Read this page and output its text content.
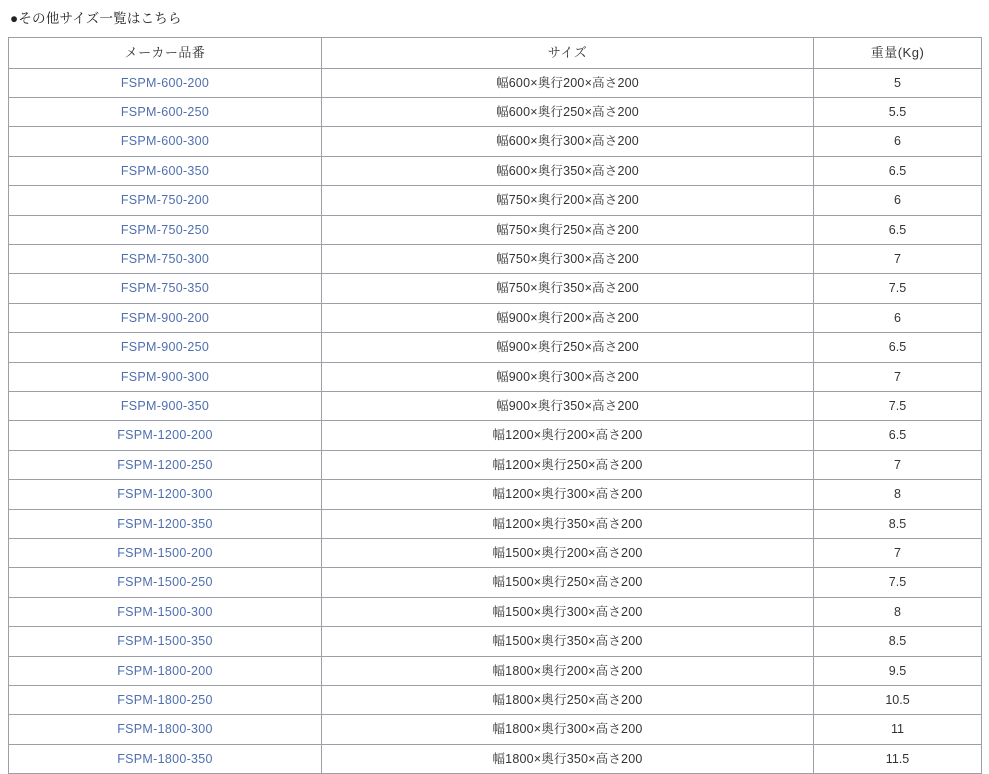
●その他サイズ一覧はこちら
メーカー品番	サイズ	重量(Kg)
FSPM-600-200	幅600×奥行200×高さ200	5
FSPM-600-250	幅600×奥行250×高さ200	5.5
FSPM-600-300	幅600×奥行300×高さ200	6
FSPM-600-350	幅600×奥行350×高さ200	6.5
FSPM-750-200	幅750×奥行200×高さ200	6
FSPM-750-250	幅750×奥行250×高さ200	6.5
FSPM-750-300	幅750×奥行300×高さ200	7
FSPM-750-350	幅750×奥行350×高さ200	7.5
FSPM-900-200	幅900×奥行200×高さ200	6
FSPM-900-250	幅900×奥行250×高さ200	6.5
FSPM-900-300	幅900×奥行300×高さ200	7
FSPM-900-350	幅900×奥行350×高さ200	7.5
FSPM-1200-200	幅1200×奥行200×高さ200	6.5
FSPM-1200-250	幅1200×奥行250×高さ200	7
FSPM-1200-300	幅1200×奥行300×高さ200	8
FSPM-1200-350	幅1200×奥行350×高さ200	8.5
FSPM-1500-200	幅1500×奥行200×高さ200	7
FSPM-1500-250	幅1500×奥行250×高さ200	7.5
FSPM-1500-300	幅1500×奥行300×高さ200	8
FSPM-1500-350	幅1500×奥行350×高さ200	8.5
FSPM-1800-200	幅1800×奥行200×高さ200	9.5
FSPM-1800-250	幅1800×奥行250×高さ200	10.5
FSPM-1800-300	幅1800×奥行300×高さ200	11
FSPM-1800-350	幅1800×奥行350×高さ200	11.5
